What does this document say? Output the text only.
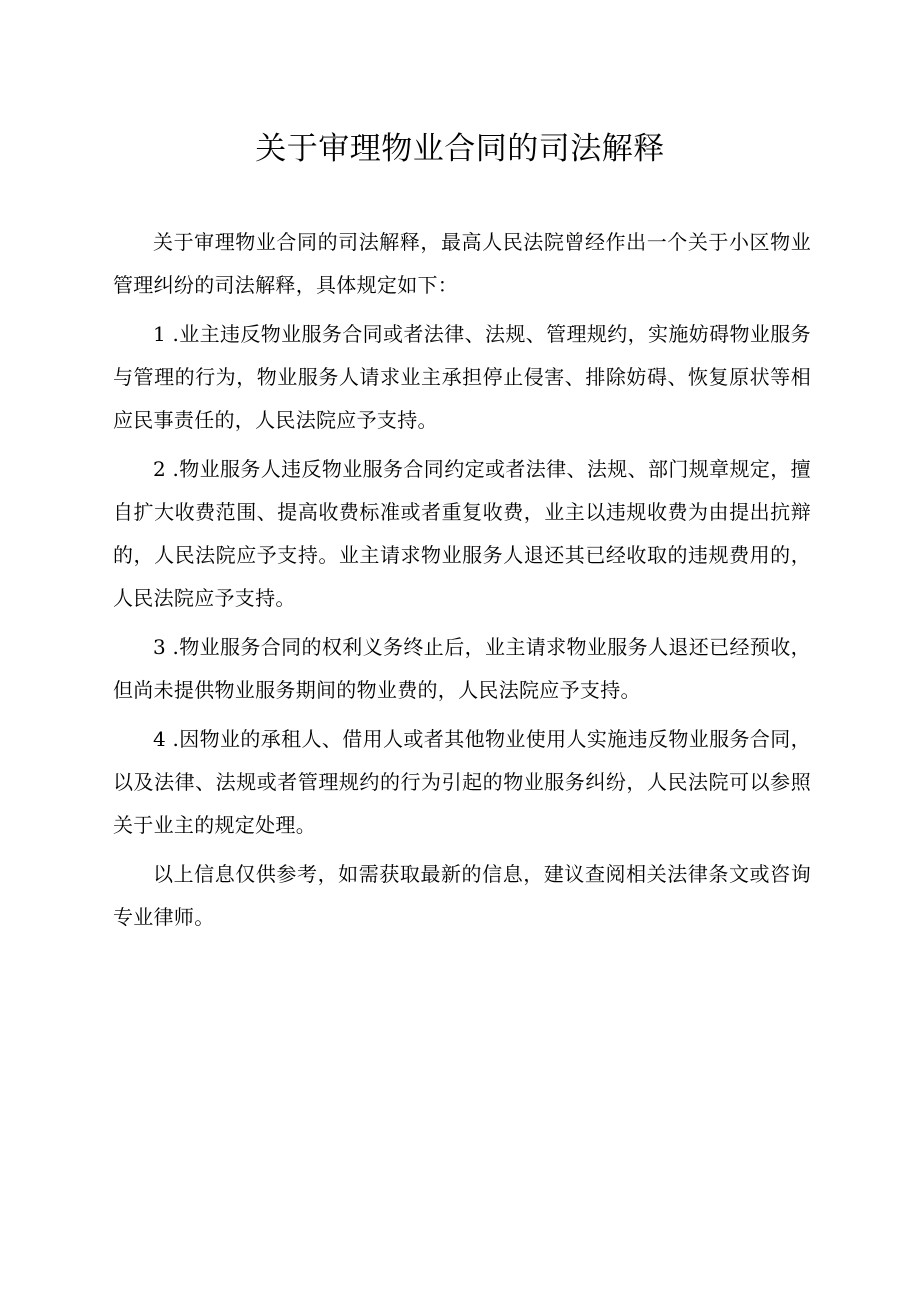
关于审理物业合同的司法解释

关于审理物业合同的司法解释，最高人民法院曾经作出一个关于小区物业管理纠纷的司法解释，具体规定如下：

1 .业主违反物业服务合同或者法律、法规、管理规约，实施妨碍物业服务与管理的行为，物业服务人请求业主承担停止侵害、排除妨碍、恢复原状等相应民事责任的，人民法院应予支持。

2 .物业服务人违反物业服务合同约定或者法律、法规、部门规章规定，擅自扩大收费范围、提高收费标准或者重复收费，业主以违规收费为由提出抗辩的，人民法院应予支持。业主请求物业服务人退还其已经收取的违规费用的，人民法院应予支持。

3 .物业服务合同的权利义务终止后，业主请求物业服务人退还已经预收，但尚未提供物业服务期间的物业费的，人民法院应予支持。

4 .因物业的承租人、借用人或者其他物业使用人实施违反物业服务合同，以及法律、法规或者管理规约的行为引起的物业服务纠纷，人民法院可以参照关于业主的规定处理。

以上信息仅供参考，如需获取最新的信息，建议查阅相关法律条文或咨询专业律师。
